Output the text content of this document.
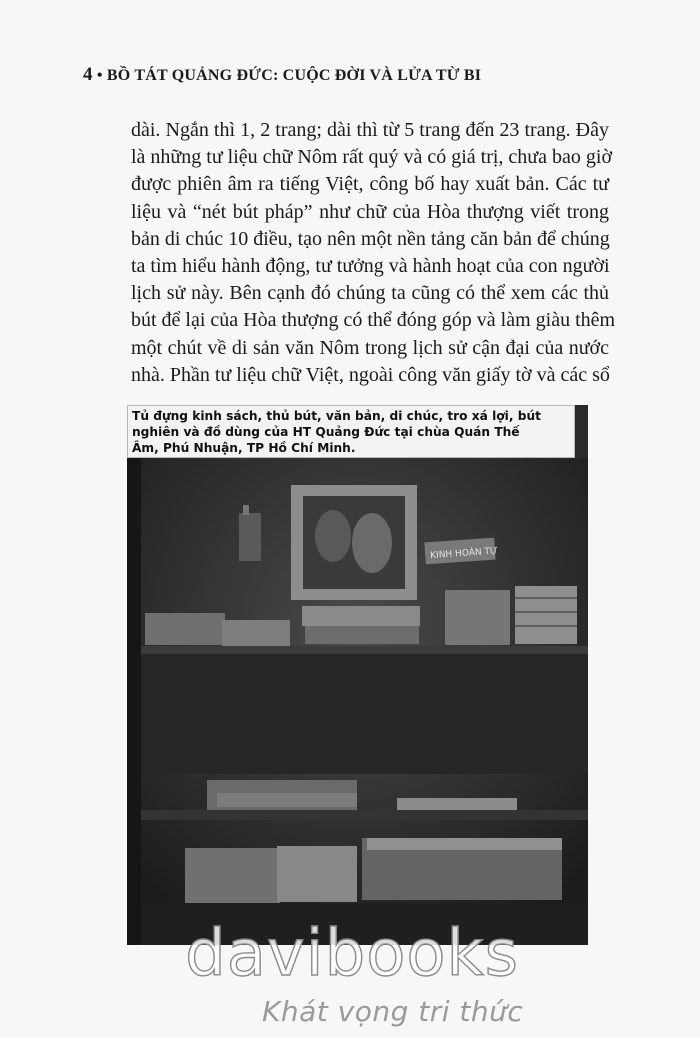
4 • BỒ TÁT QUẢNG ĐỨC: CUỘC ĐỜI VÀ LỬA TỪ BI
dài. Ngắn thì 1, 2 trang; dài thì từ 5 trang đến 23 trang. Đây
là những tư liệu chữ Nôm rất quý và có giá trị, chưa bao giờ
được phiên âm ra tiếng Việt, công bố hay xuất bản. Các tư
liệu và “nét bút pháp” như chữ của Hòa thượng viết trong
bản di chúc 10 điều, tạo nên một nền tảng căn bản để chúng
ta tìm hiểu hành động, tư tưởng và hành hoạt của con người
lịch sử này. Bên cạnh đó chúng ta cũng có thể xem các thủ
bút để lại của Hòa thượng có thể đóng góp và làm giàu thêm
một chút về di sản văn Nôm trong lịch sử cận đại của nước
nhà. Phần tư liệu chữ Việt, ngoài công văn giấy tờ và các sổ
Tủ đựng kinh sách, thủ bút, văn bản, di chúc, tro xá lợi, bút
nghiên và đồ dùng của HT Quảng Đức tại chùa Quán Thế
Âm, Phú Nhuận, TP Hồ Chí Minh.
KINH HOÀN TỰ
davibooks
Khát vọng tri thức
